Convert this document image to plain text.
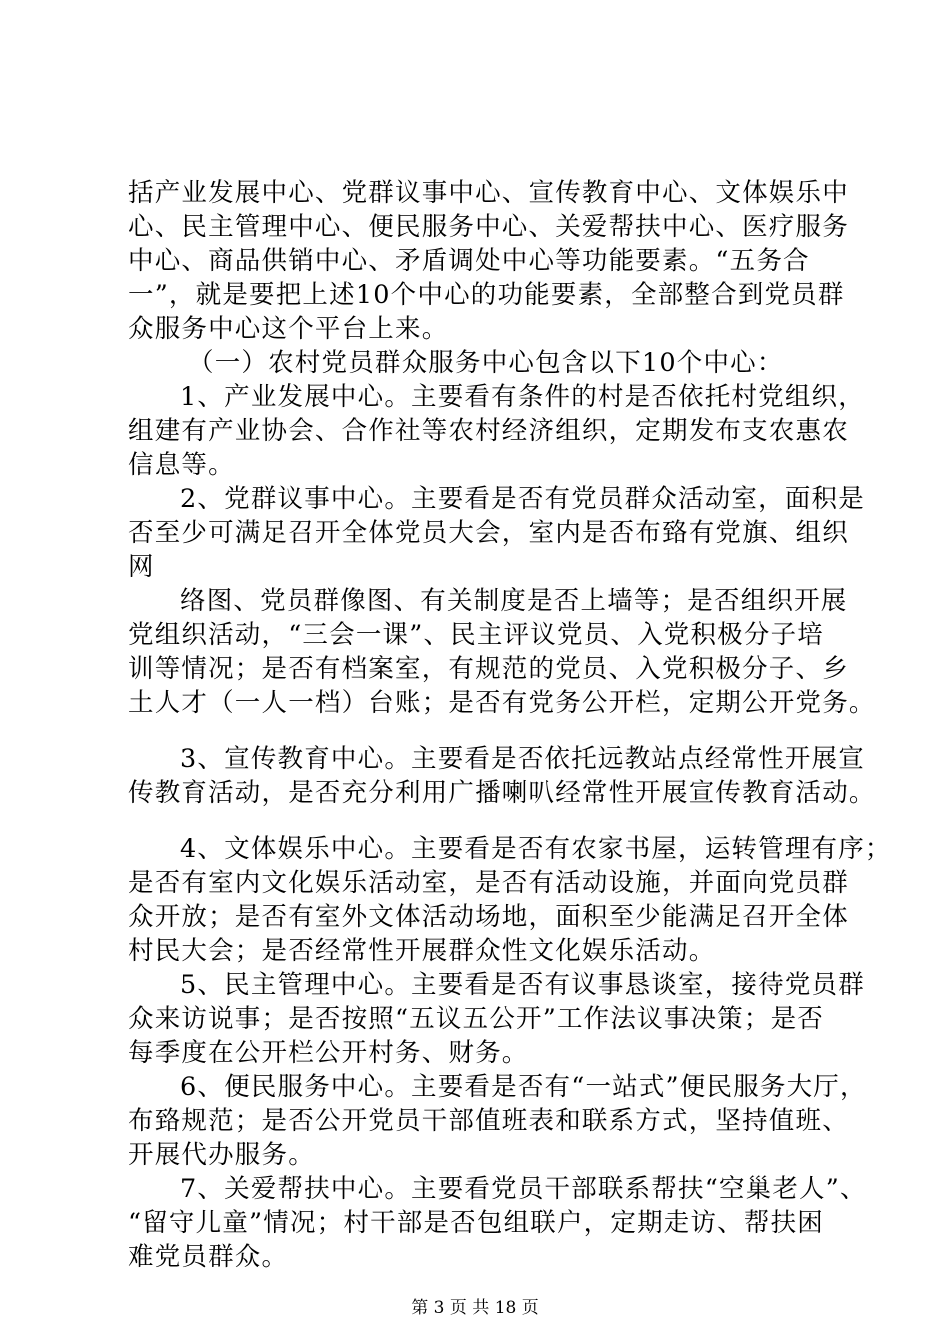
括产业发展中心、党群议事中心、宣传教育中心、文体娱乐中
心、民主管理中心、便民服务中心、关爱帮扶中心、医疗服务
中心、商品供销中心、矛盾调处中心等功能要素。“五务合
一”，就是要把上述10个中心的功能要素，全部整合到党员群
众服务中心这个平台上来。
（一）农村党员群众服务中心包含以下10个中心：
1、产业发展中心。主要看有条件的村是否依托村党组织，
组建有产业协会、合作社等农村经济组织，定期发布支农惠农
信息等。
2、党群议事中心。主要看是否有党员群众活动室，面积是
否至少可满足召开全体党员大会，室内是否布臵有党旗、组织
网
络图、党员群像图、有关制度是否上墙等；是否组织开展
党组织活动，“三会一课”、民主评议党员、入党积极分子培
训等情况；是否有档案室，有规范的党员、入党积极分子、乡
土人才（一人一档）台账；是否有党务公开栏，定期公开党务。
3、宣传教育中心。主要看是否依托远教站点经常性开展宣
传教育活动，是否充分利用广播喇叭经常性开展宣传教育活动。
4、文体娱乐中心。主要看是否有农家书屋，运转管理有序；
是否有室内文化娱乐活动室，是否有活动设施，并面向党员群
众开放；是否有室外文体活动场地，面积至少能满足召开全体
村民大会；是否经常性开展群众性文化娱乐活动。
5、民主管理中心。主要看是否有议事恳谈室，接待党员群
众来访说事；是否按照“五议五公开”工作法议事决策；是否
每季度在公开栏公开村务、财务。
6、便民服务中心。主要看是否有“一站式”便民服务大厅，
布臵规范；是否公开党员干部值班表和联系方式，坚持值班、
开展代办服务。
7、关爱帮扶中心。主要看党员干部联系帮扶“空巢老人”、
“留守儿童”情况；村干部是否包组联户，定期走访、帮扶困
难党员群众。
第 3 页 共 18 页
